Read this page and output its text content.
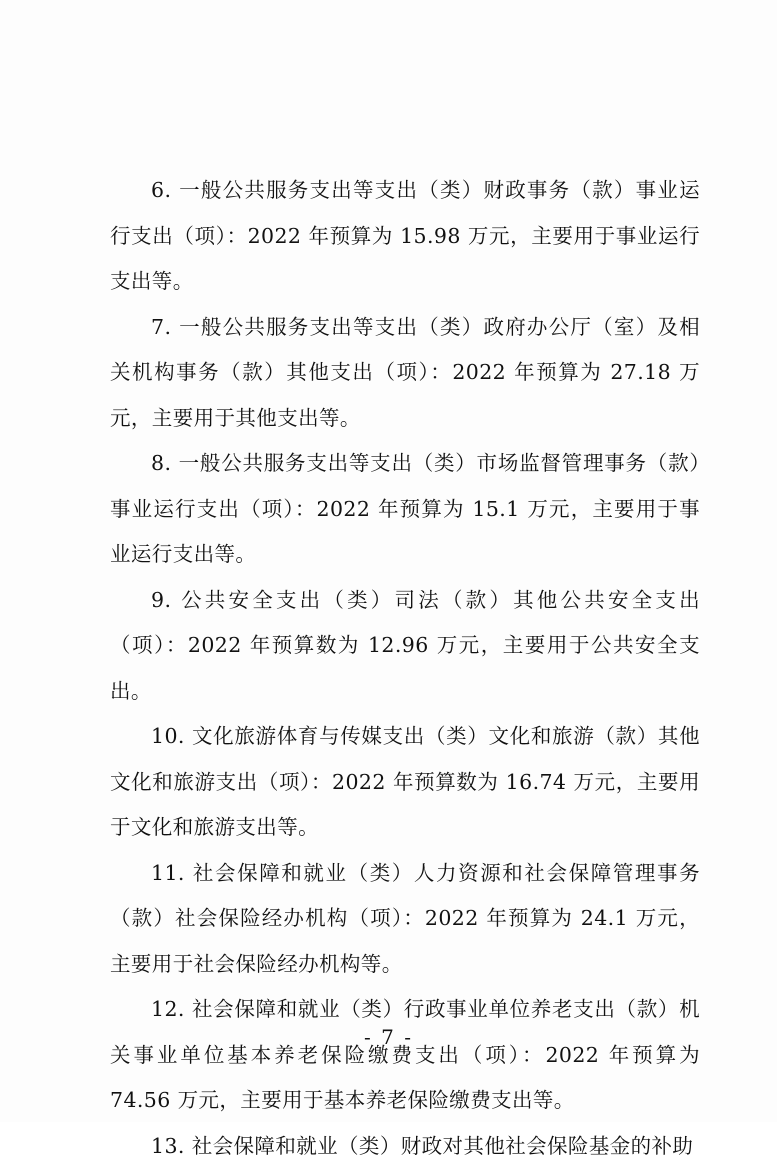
6. 一般公共服务支出等支出（类）财政事务（款）事业运行支出（项）：2022 年预算为 15.98 万元，主要用于事业运行支出等。

7. 一般公共服务支出等支出（类）政府办公厅（室）及相关机构事务（款）其他支出（项）：2022 年预算为 27.18 万元，主要用于其他支出等。

8. 一般公共服务支出等支出（类）市场监督管理事务（款）事业运行支出（项）：2022 年预算为 15.1 万元，主要用于事业运行支出等。

9. 公共安全支出（类）司法（款）其他公共安全支出（项）：2022 年预算数为 12.96 万元，主要用于公共安全支出。

10. 文化旅游体育与传媒支出（类）文化和旅游（款）其他文化和旅游支出（项）：2022 年预算数为 16.74 万元，主要用于文化和旅游支出等。

11. 社会保障和就业（类）人力资源和社会保障管理事务（款）社会保险经办机构（项）：2022 年预算为 24.1 万元，主要用于社会保险经办机构等。

12. 社会保障和就业（类）行政事业单位养老支出（款）机关事业单位基本养老保险缴费支出（项）：2022 年预算为 74.56 万元，主要用于基本养老保险缴费支出等。

13. 社会保障和就业（类）财政对其他社会保险基金的补助

- 7 -
